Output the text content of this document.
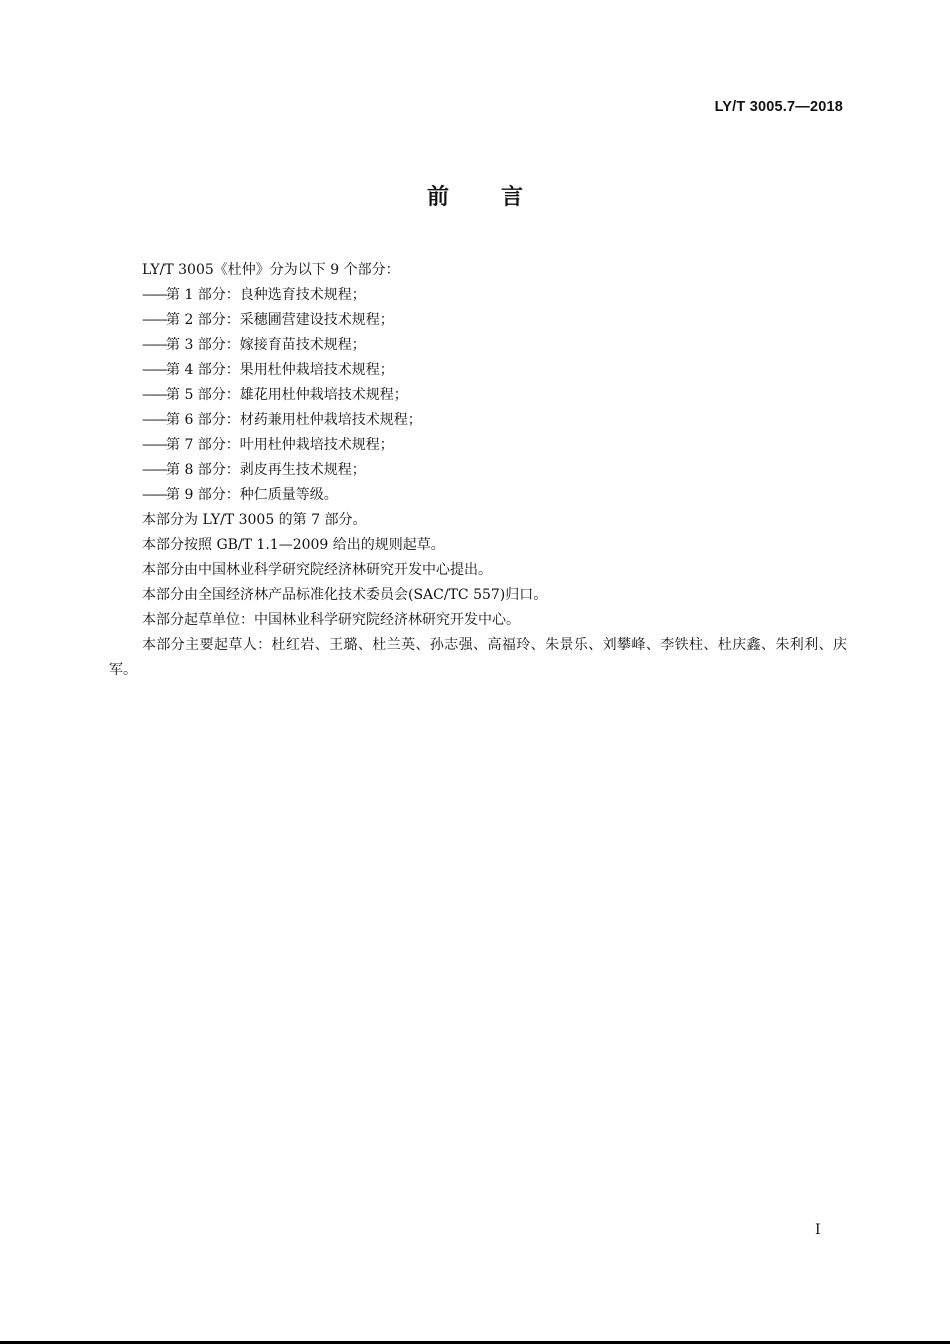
LY/T 3005.7—2018
前 言

LY/T 3005《杜仲》分为以下 9 个部分：

——第 1 部分：良种选育技术规程；

——第 2 部分：采穗圃营建设技术规程；

——第 3 部分：嫁接育苗技术规程；

——第 4 部分：果用杜仲栽培技术规程；

——第 5 部分：雄花用杜仲栽培技术规程；

——第 6 部分：材药兼用杜仲栽培技术规程；

——第 7 部分：叶用杜仲栽培技术规程；

——第 8 部分：剥皮再生技术规程；

——第 9 部分：种仁质量等级。

本部分为 LY/T 3005 的第 7 部分。

本部分按照 GB/T 1.1—2009 给出的规则起草。

本部分由中国林业科学研究院经济林研究开发中心提出。

本部分由全国经济林产品标准化技术委员会(SAC/TC 557)归口。

本部分起草单位：中国林业科学研究院经济林研究开发中心。

本部分主要起草人：杜红岩、王璐、杜兰英、孙志强、高福玲、朱景乐、刘攀峰、李铁柱、杜庆鑫、朱利利、庆军。

I
